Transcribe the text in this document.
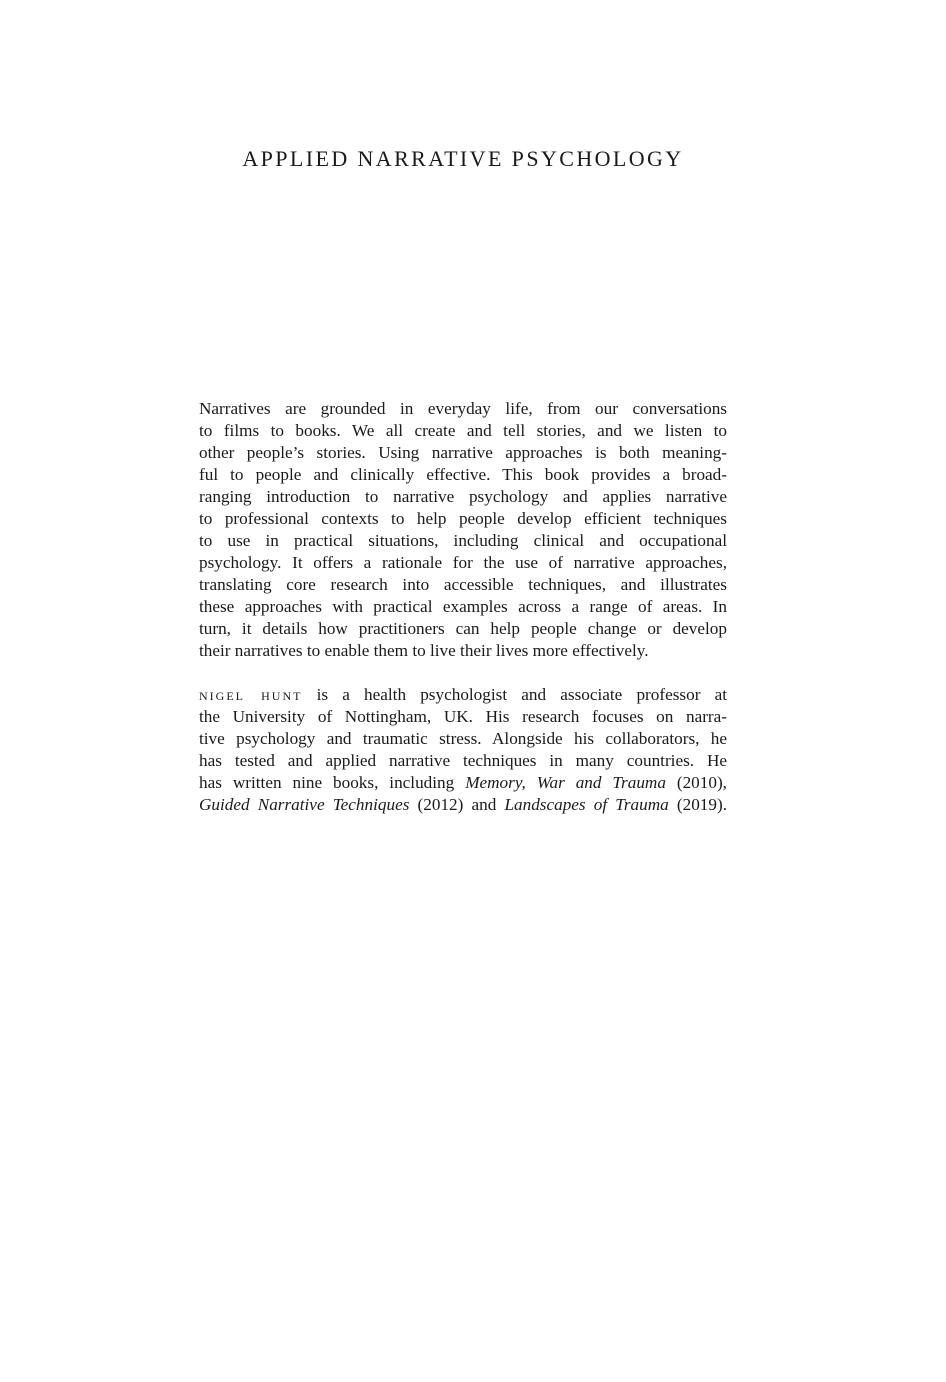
APPLIED NARRATIVE PSYCHOLOGY
Narratives are grounded in everyday life, from our conversations
to films to books. We all create and tell stories, and we listen to
other people’s stories. Using narrative approaches is both meaning-
ful to people and clinically effective. This book provides a broad-
ranging introduction to narrative psychology and applies narrative
to professional contexts to help people develop efficient techniques
to use in practical situations, including clinical and occupational
psychology. It offers a rationale for the use of narrative approaches,
translating core research into accessible techniques, and illustrates
these approaches with practical examples across a range of areas. In
turn, it details how practitioners can help people change or develop
their narratives to enable them to live their lives more effectively.
nigel hunt is a health psychologist and associate professor at
the University of Nottingham, UK. His research focuses on narra-
tive psychology and traumatic stress. Alongside his collaborators, he
has tested and applied narrative techniques in many countries. He
has written nine books, including Memory, War and Trauma (2010),
Guided Narrative Techniques (2012) and Landscapes of Trauma (2019).
